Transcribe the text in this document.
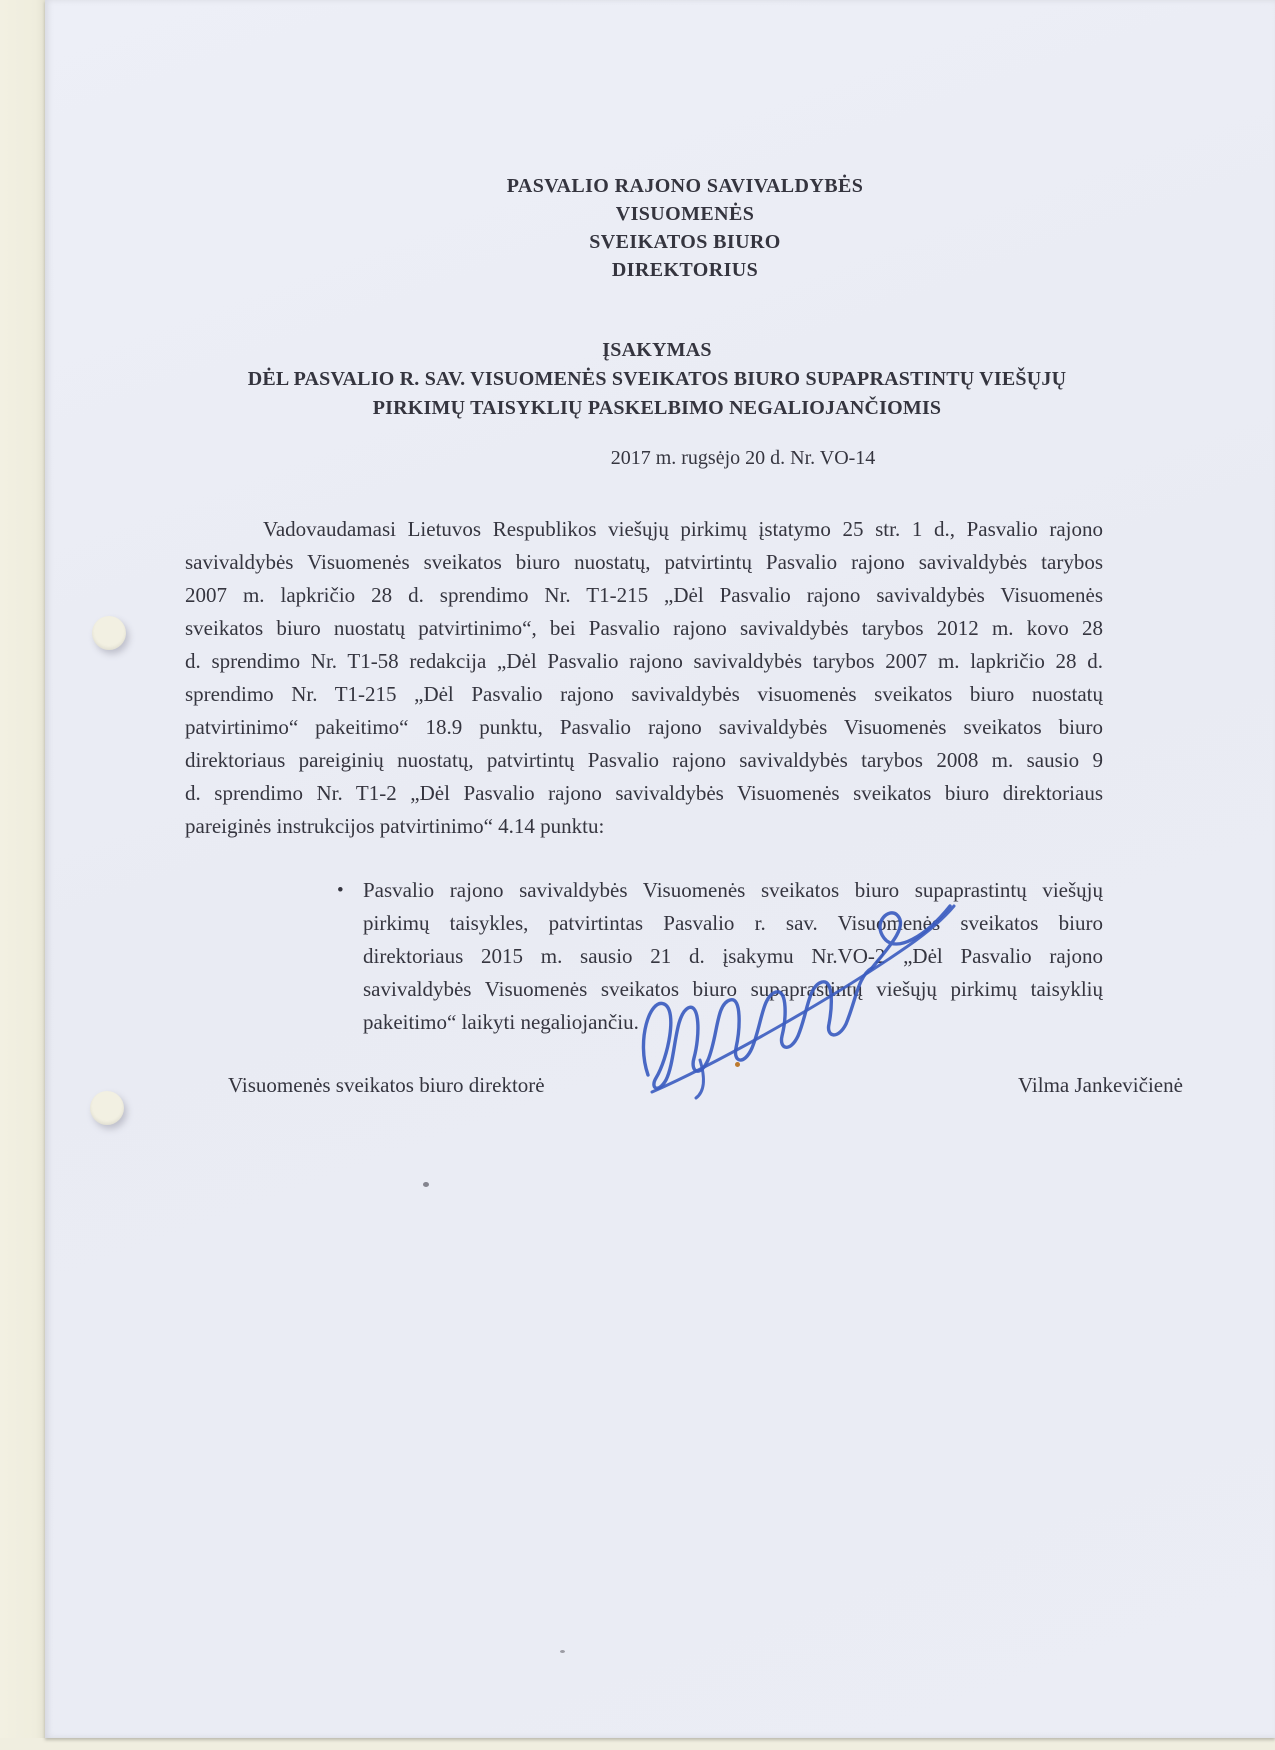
PASVALIO RAJONO SAVIVALDYBĖS
VISUOMENĖS
SVEIKATOS BIURO
DIREKTORIUS
ĮSAKYMAS
DĖL PASVALIO R. SAV. VISUOMENĖS SVEIKATOS BIURO SUPAPRASTINTŲ VIEŠŲJŲ
PIRKIMŲ TAISYKLIŲ PASKELBIMO NEGALIOJANČIOMIS
2017 m. rugsėjo 20 d. Nr. VO-14
Vadovaudamasi Lietuvos Respublikos viešųjų pirkimų įstatymo 25 str. 1 d., Pasvalio rajono
savivaldybės Visuomenės sveikatos biuro nuostatų, patvirtintų Pasvalio rajono savivaldybės tarybos
2007 m. lapkričio 28 d. sprendimo Nr. T1-215 „Dėl Pasvalio rajono savivaldybės Visuomenės
sveikatos biuro nuostatų patvirtinimo“, bei Pasvalio rajono savivaldybės tarybos 2012 m. kovo 28
d. sprendimo Nr. T1-58 redakcija „Dėl Pasvalio rajono savivaldybės tarybos 2007 m. lapkričio 28 d.
sprendimo Nr. T1-215 „Dėl Pasvalio rajono savivaldybės visuomenės sveikatos biuro nuostatų
patvirtinimo“ pakeitimo“ 18.9 punktu, Pasvalio rajono savivaldybės Visuomenės sveikatos biuro
direktoriaus pareiginių nuostatų, patvirtintų Pasvalio rajono savivaldybės tarybos 2008 m. sausio 9
d. sprendimo Nr. T1-2 „Dėl Pasvalio rajono savivaldybės Visuomenės sveikatos biuro direktoriaus
pareiginės instrukcijos patvirtinimo“ 4.14 punktu:
• Pasvalio rajono savivaldybės Visuomenės sveikatos biuro supaprastintų viešųjų
pirkimų taisykles, patvirtintas Pasvalio r. sav. Visuomenės sveikatos biuro
direktoriaus 2015 m. sausio 21 d. įsakymu Nr.VO-2 „Dėl Pasvalio rajono
savivaldybės Visuomenės sveikatos biuro supaprastintų viešųjų pirkimų taisyklių
pakeitimo“ laikyti negaliojančiu.
Visuomenės sveikatos biuro direktorė	Vilma Jankevičienė
